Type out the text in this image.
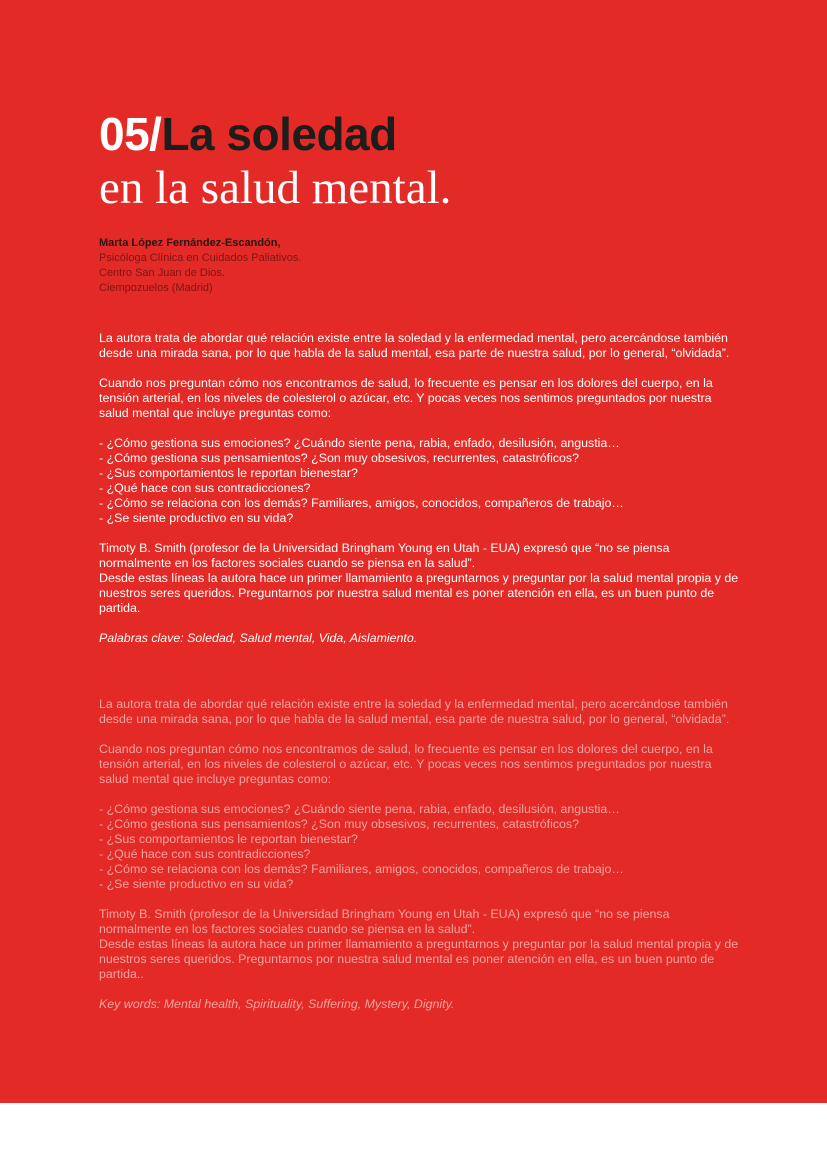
05/La soledad
en la salud mental.
Marta López Fernández-Escandón,
Psicóloga Clínica en Cuidados Paliativos.
Centro San Juan de Dios.
Ciempozuelos (Madrid)

La autora trata de abordar qué relación existe entre la soledad y la enfermedad mental, pero acercándose también desde una mirada sana, por lo que habla de la salud mental, esa parte de nuestra salud, por lo general, “olvidada”.

Cuando nos preguntan cómo nos encontramos de salud, lo frecuente es pensar en los dolores del cuerpo, en la tensión arterial, en los niveles de colesterol o azúcar, etc. Y pocas veces nos sentimos preguntados por nuestra salud mental que incluye preguntas como:

- ¿Cómo gestiona sus emociones? ¿Cuándo siente pena, rabia, enfado, desilusión, angustia…
- ¿Cómo gestiona sus pensamientos? ¿Son muy obsesivos, recurrentes, catastróficos?
- ¿Sus comportamientos le reportan bienestar?
- ¿Qué hace con sus contradicciones?
- ¿Cómo se relaciona con los demás? Familiares, amigos, conocidos, compañeros de trabajo…
- ¿Se siente productivo en su vida?

Timoty B. Smith (profesor de la Universidad Bringham Young en Utah - EUA) expresó que “no se piensa normalmente en los factores sociales cuando se piensa en la salud”.

Desde estas líneas la autora hace un primer llamamiento a preguntarnos y preguntar por la salud mental propia y de nuestros seres queridos. Preguntarnos por nuestra salud mental es poner atención en ella, es un buen punto de partida.

Palabras clave: Soledad, Salud mental, Vida, Aislamiento.

La autora trata de abordar qué relación existe entre la soledad y la enfermedad mental, pero acercándose también desde una mirada sana, por lo que habla de la salud mental, esa parte de nuestra salud, por lo general, “olvidada”.

Cuando nos preguntan cómo nos encontramos de salud, lo frecuente es pensar en los dolores del cuerpo, en la tensión arterial, en los niveles de colesterol o azúcar, etc. Y pocas veces nos sentimos preguntados por nuestra salud mental que incluye preguntas como:

- ¿Cómo gestiona sus emociones? ¿Cuándo siente pena, rabia, enfado, desilusión, angustia…
- ¿Cómo gestiona sus pensamientos? ¿Son muy obsesivos, recurrentes, catastróficos?
- ¿Sus comportamientos le reportan bienestar?
- ¿Qué hace con sus contradicciones?
- ¿Cómo se relaciona con los demás? Familiares, amigos, conocidos, compañeros de trabajo…
- ¿Se siente productivo en su vida?

Timoty B. Smith (profesor de la Universidad Bringham Young en Utah - EUA) expresó que “no se piensa normalmente en los factores sociales cuando se piensa en la salud”.

Desde estas líneas la autora hace un primer llamamiento a preguntarnos y preguntar por la salud mental propia y de nuestros seres queridos. Preguntarnos por nuestra salud mental es poner atención en ella, es un buen punto de partida..

Key words: Mental health, Spirituality, Suffering, Mystery, Dignity.
